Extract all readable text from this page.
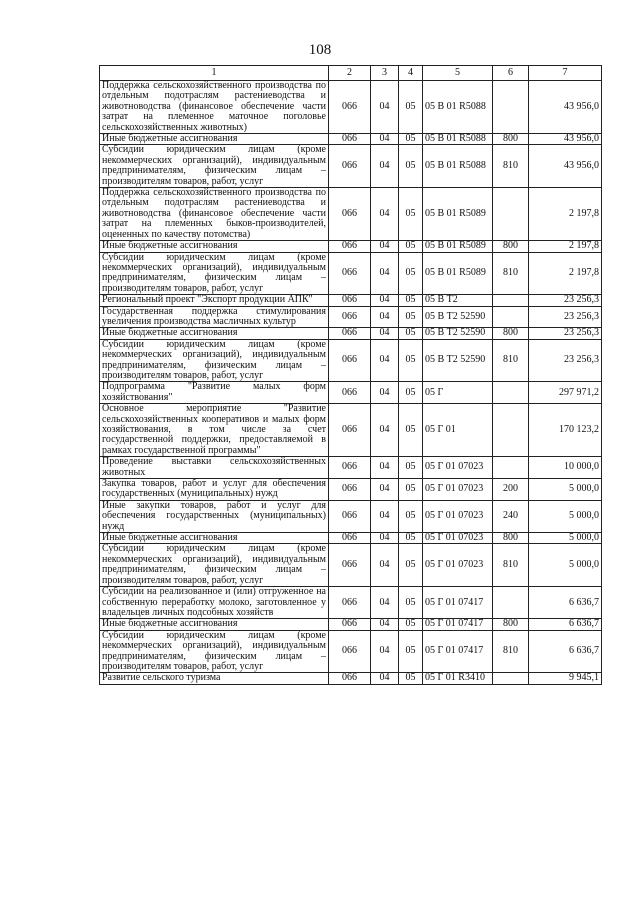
108
1	2	3	4	5	6	7
Поддержка сельскохозяйственного производства по отдельным подотраслям растениеводства и животноводства (финансовое обеспечение части затрат на племенное маточное поголовье сельскохозяйственных животных)	066	04	05	05 В 01 R5088		43 956,0
Иные бюджетные ассигнования	066	04	05	05 В 01 R5088	800	43 956,0
Субсидии юридическим лицам (кроме некоммерческих организаций), индивидуальным предпринимателям, физическим лицам – производителям товаров, работ, услуг	066	04	05	05 В 01 R5088	810	43 956,0
Поддержка сельскохозяйственного производства по отдельным подотраслям растениеводства и животноводства (финансовое обеспечение части затрат на племенных быков-производителей, оцененных по качеству потомства)	066	04	05	05 В 01 R5089		2 197,8
Иные бюджетные ассигнования	066	04	05	05 В 01 R5089	800	2 197,8
Субсидии юридическим лицам (кроме некоммерческих организаций), индивидуальным предпринимателям, физическим лицам – производителям товаров, работ, услуг	066	04	05	05 В 01 R5089	810	2 197,8
Региональный проект "Экспорт продукции АПК"	066	04	05	05 В Т2		23 256,3
Государственная поддержка стимулирования увеличения производства масличных культур	066	04	05	05 В Т2 52590		23 256,3
Иные бюджетные ассигнования	066	04	05	05 В Т2 52590	800	23 256,3
Субсидии юридическим лицам (кроме некоммерческих организаций), индивидуальным предпринимателям, физическим лицам – производителям товаров, работ, услуг	066	04	05	05 В Т2 52590	810	23 256,3
Подпрограмма "Развитие малых форм хозяйствования"	066	04	05	05 Г		297 971,2
Основное мероприятие "Развитие сельскохозяйственных кооперативов и малых форм хозяйствования, в том числе за счет государственной поддержки, предоставляемой в рамках государственной программы"	066	04	05	05 Г 01		170 123,2
Проведение выставки сельскохозяйственных животных	066	04	05	05 Г 01 07023		10 000,0
Закупка товаров, работ и услуг для обеспечения государственных (муниципальных) нужд	066	04	05	05 Г 01 07023	200	5 000,0
Иные закупки товаров, работ и услуг для обеспечения государственных (муниципальных) нужд	066	04	05	05 Г 01 07023	240	5 000,0
Иные бюджетные ассигнования	066	04	05	05 Г 01 07023	800	5 000,0
Субсидии юридическим лицам (кроме некоммерческих организаций), индивидуальным предпринимателям, физическим лицам – производителям товаров, работ, услуг	066	04	05	05 Г 01 07023	810	5 000,0
Субсидии на реализованное и (или) отгруженное на собственную переработку молоко, заготовленное у владельцев личных подсобных хозяйств	066	04	05	05 Г 01 07417		6 636,7
Иные бюджетные ассигнования	066	04	05	05 Г 01 07417	800	6 636,7
Субсидии юридическим лицам (кроме некоммерческих организаций), индивидуальным предпринимателям, физическим лицам – производителям товаров, работ, услуг	066	04	05	05 Г 01 07417	810	6 636,7
Развитие сельского туризма	066	04	05	05 Г 01 R3410		9 945,1
